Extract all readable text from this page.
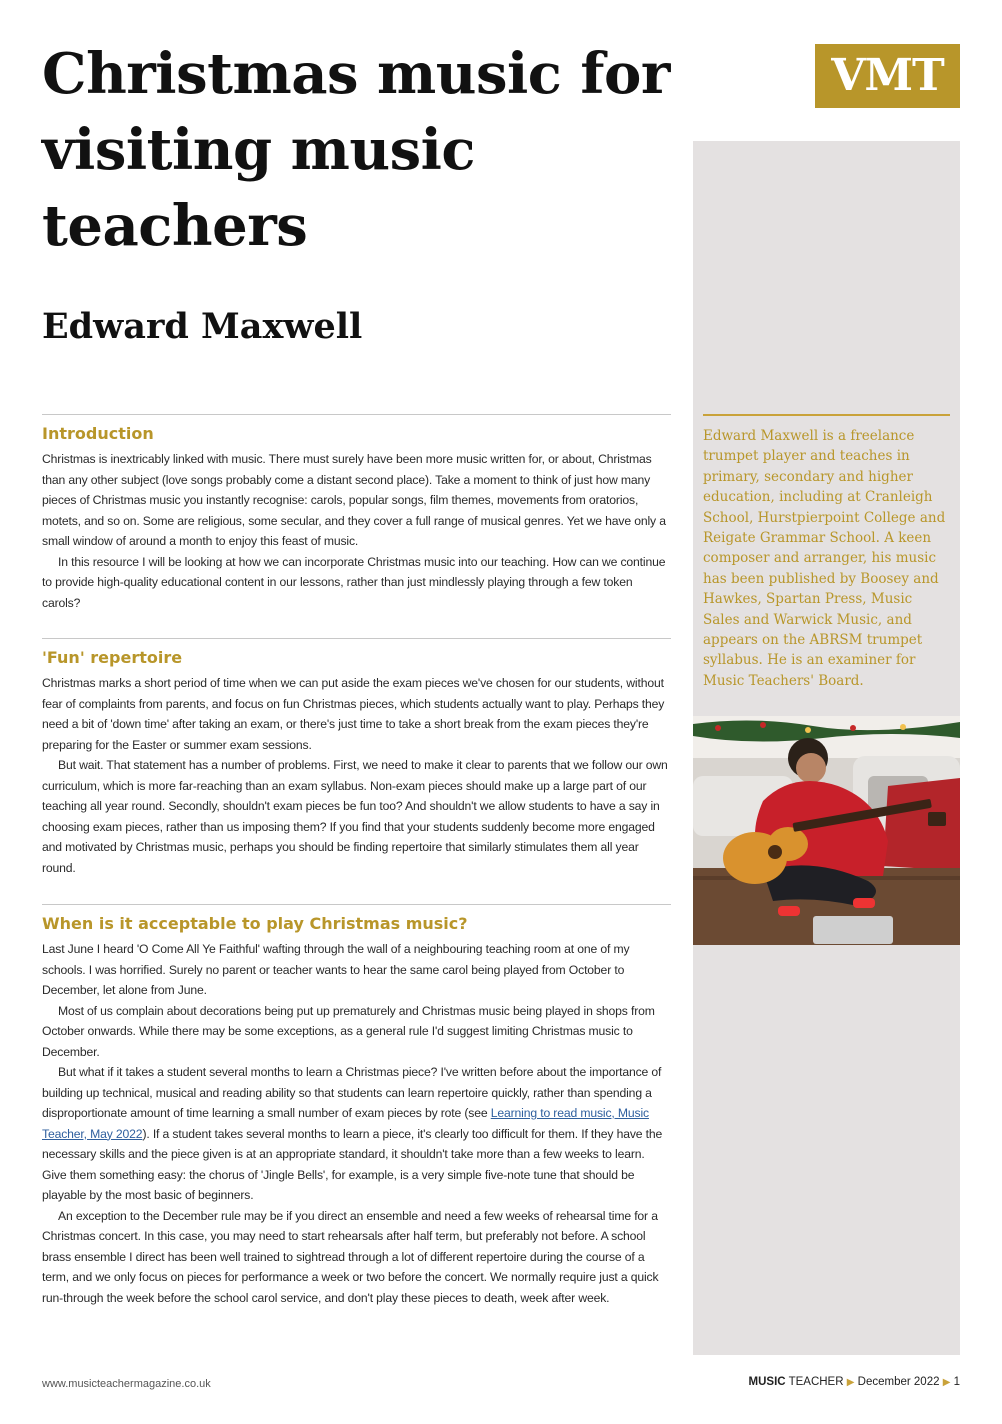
Christmas music for visiting music teachers
Edward Maxwell
VMT

Edward Maxwell is a freelance trumpet player and teaches in primary, secondary and higher education, including at Cranleigh School, Hurstpierpoint College and Reigate Grammar School. A keen composer and arranger, his music has been published by Boosey and Hawkes, Spartan Press, Music Sales and Warwick Music, and appears on the ABRSM trumpet syllabus. He is an examiner for Music Teachers' Board.

Introduction

Christmas is inextricably linked with music. There must surely have been more music written for, or about, Christmas than any other subject (love songs probably come a distant second place). Take a moment to think of just how many pieces of Christmas music you instantly recognise: carols, popular songs, film themes, movements from oratorios, motets, and so on. Some are religious, some secular, and they cover a full range of musical genres. Yet we have only a small window of around a month to enjoy this feast of music.

In this resource I will be looking at how we can incorporate Christmas music into our teaching. How can we continue to provide high-quality educational content in our lessons, rather than just mindlessly playing through a few token carols?

'Fun' repertoire

Christmas marks a short period of time when we can put aside the exam pieces we've chosen for our students, without fear of complaints from parents, and focus on fun Christmas pieces, which students actually want to play. Perhaps they need a bit of 'down time' after taking an exam, or there's just time to take a short break from the exam pieces they're preparing for the Easter or summer exam sessions.

But wait. That statement has a number of problems. First, we need to make it clear to parents that we follow our own curriculum, which is more far-reaching than an exam syllabus. Non-exam pieces should make up a large part of our teaching all year round. Secondly, shouldn't exam pieces be fun too? And shouldn't we allow students to have a say in choosing exam pieces, rather than us imposing them? If you find that your students suddenly become more engaged and motivated by Christmas music, perhaps you should be finding repertoire that similarly stimulates them all year round.

When is it acceptable to play Christmas music?

Last June I heard 'O Come All Ye Faithful' wafting through the wall of a neighbouring teaching room at one of my schools. I was horrified. Surely no parent or teacher wants to hear the same carol being played from October to December, let alone from June.

Most of us complain about decorations being put up prematurely and Christmas music being played in shops from October onwards. While there may be some exceptions, as a general rule I'd suggest limiting Christmas music to December.

But what if it takes a student several months to learn a Christmas piece? I've written before about the importance of building up technical, musical and reading ability so that students can learn repertoire quickly, rather than spending a disproportionate amount of time learning a small number of exam pieces by rote (see Learning to read music, Music Teacher, May 2022). If a student takes several months to learn a piece, it's clearly too difficult for them. If they have the necessary skills and the piece given is at an appropriate standard, it shouldn't take more than a few weeks to learn. Give them something easy: the chorus of 'Jingle Bells', for example, is a very simple five-note tune that should be playable by the most basic of beginners.

An exception to the December rule may be if you direct an ensemble and need a few weeks of rehearsal time for a Christmas concert. In this case, you may need to start rehearsals after half term, but preferably not before. A school brass ensemble I direct has been well trained to sightread through a lot of different repertoire during the course of a term, and we only focus on pieces for performance a week or two before the concert. We normally require just a quick run-through the week before the school carol service, and don't play these pieces to death, week after week.

www.musicteachermagazine.co.uk	MUSIC TEACHER ▶ December 2022 ▶ 1
